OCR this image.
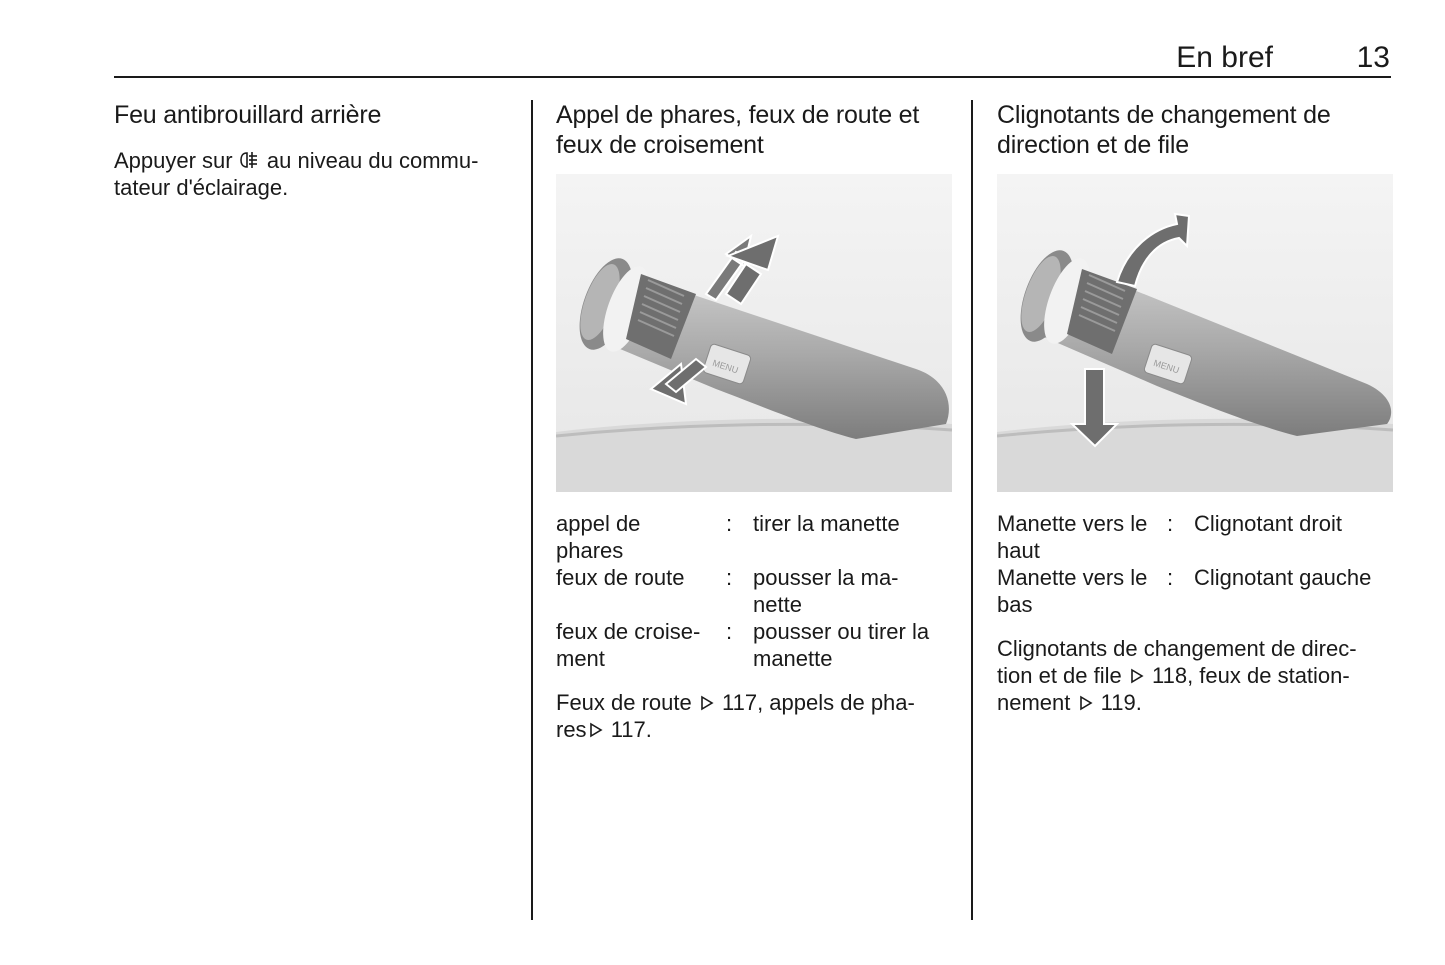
En bref	13
Feu antibrouillard arrière

Appuyer sur au niveau du commu-
tateur d'éclairage.

Appel de phares, feux de route et
feux de croisement
MENU
appel de
phares
: tirer la manette
feux de route	: pousser la ma-
nette
feux de croise-
ment
: pousser ou tirer la
manette

Feux de route 117, appels de pha-
res 117.

Clignotants de changement de
direction et de file
MENU
Manette vers le
haut
: Clignotant droit
Manette vers le
bas
: Clignotant gauche

Clignotants de changement de direc-
tion et de file 118, feux de station-
nement 119.
